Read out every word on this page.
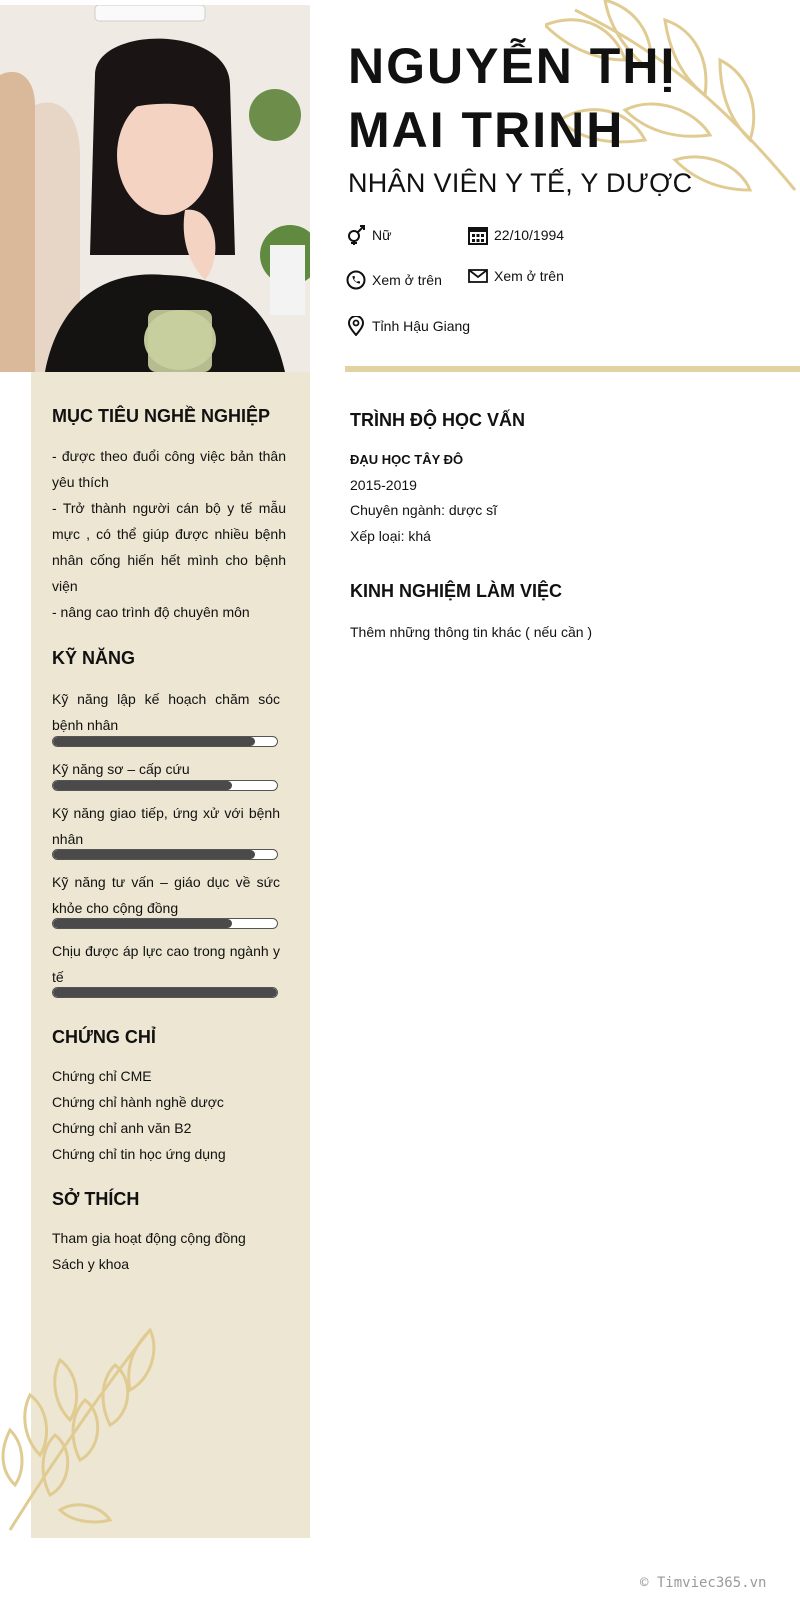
NGUYỄN THỊ
MAI TRINH
NHÂN VIÊN Y TẾ, Y DƯỢC
Nữ	22/10/1994
Xem ở trên	Xem ở trên
Tỉnh Hậu Giang
MỤC TIÊU NGHỀ NGHIỆP
- được theo đuổi công việc bản thân yêu thích
- Trở thành người cán bộ y tế mẫu mực , có thể giúp được nhiều bệnh nhân cống hiến hết mình cho bệnh viện
- nâng cao trình độ chuyên môn
KỸ NĂNG
Kỹ năng lập kế hoạch chăm sóc bệnh nhân
Kỹ năng sơ – cấp cứu
Kỹ năng giao tiếp, ứng xử với bệnh nhân
Kỹ năng tư vấn – giáo dục về sức khỏe cho cộng đồng
Chịu được áp lực cao trong ngành y tế
CHỨNG CHỈ
Chứng chỉ CME
Chứng chỉ hành nghề dược
Chứng chỉ anh văn B2
Chứng chỉ tin học ứng dụng
SỞ THÍCH
Tham gia hoạt động cộng đồng
Sách y khoa
TRÌNH ĐỘ HỌC VẤN
ĐẠU HỌC TÂY ĐÔ
2015-2019
Chuyên ngành: dược sĩ
Xếp loại: khá
KINH NGHIỆM LÀM VIỆC
Thêm những thông tin khác ( nếu cần )
© Timviec365.vn
